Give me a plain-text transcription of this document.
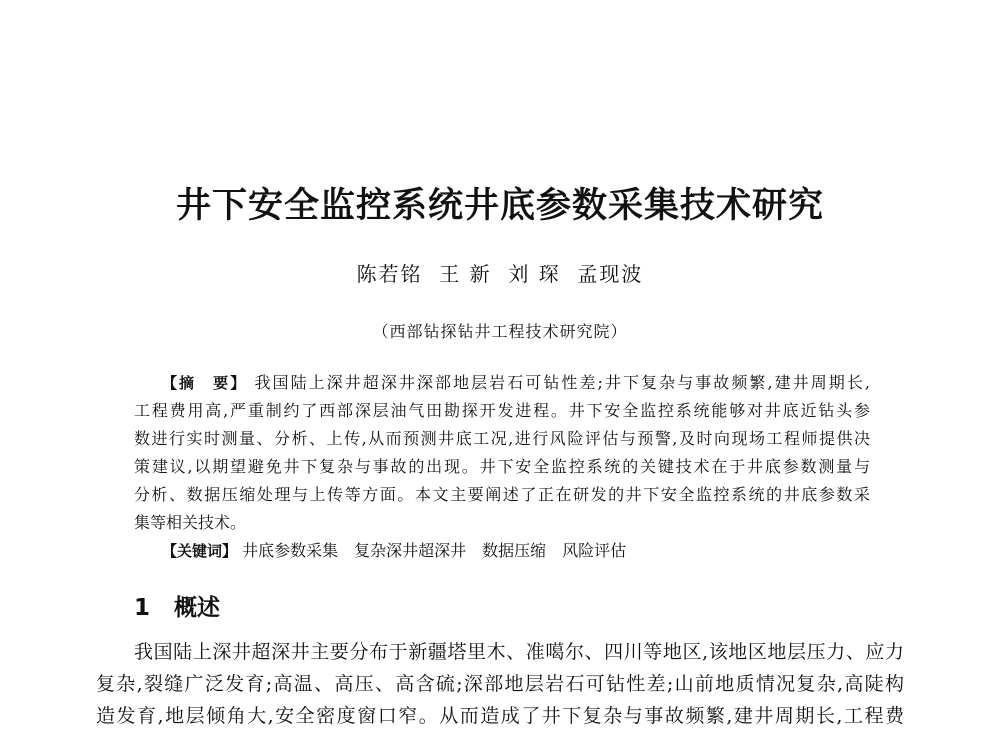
井下安全监控系统井底参数采集技术研究

陈若铭  王 新  刘 琛  孟现波

（西部钻探钻井工程技术研究院）

【摘　要】 我国陆上深井超深井深部地层岩石可钻性差;井下复杂与事故频繁,建井周期长,

工程费用高,严重制约了西部深层油气田勘探开发进程。井下安全监控系统能够对井底近钻头参

数进行实时测量、分析、上传,从而预测井底工况,进行风险评估与预警,及时向现场工程师提供决

策建议,以期望避免井下复杂与事故的出现。井下安全监控系统的关键技术在于井底参数测量与

分析、数据压缩处理与上传等方面。本文主要阐述了正在研发的井下安全监控系统的井底参数采

集等相关技术。

【关键词】 井底参数采集　复杂深井超深井　数据压缩　风险评估

1 概述

我国陆上深井超深井主要分布于新疆塔里木、准噶尔、四川等地区,该地区地层压力、应力

复杂,裂缝广泛发育;高温、高压、高含硫;深部地层岩石可钻性差;山前地质情况复杂,高陡构

造发育,地层倾角大,安全密度窗口窄。从而造成了井下复杂与事故频繁,建井周期长,工程费
